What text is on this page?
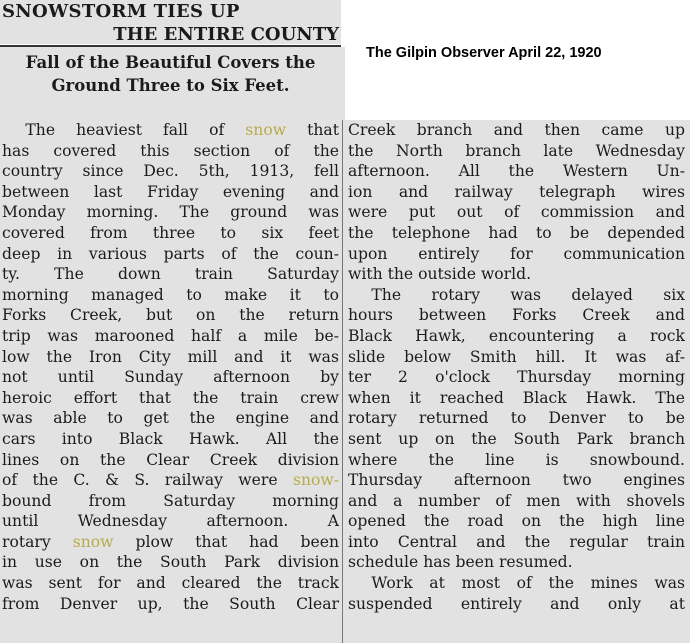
SNOWSTORM TIES UP
THE ENTIRE COUNTY
The Gilpin Observer April 22, 1920
Fall of the Beautiful Covers the
Ground Three to Six Feet.
  The heaviest fall of snow that
has covered this section of the
country since Dec. 5th, 1913, fell
between last Friday evening and
Monday morning. The ground was
covered from three to six feet
deep in various parts of the coun-
ty. The down train Saturday
morning managed to make it to
Forks Creek, but on the return
trip was marooned half a mile be-
low the Iron City mill and it was
not until Sunday afternoon by
heroic effort that the train crew
was able to get the engine and
cars into Black Hawk. All the
lines on the Clear Creek division
of the C. & S. railway were snow-
bound from Saturday morning
until Wednesday afternoon. A
rotary snow plow that had been
in use on the South Park division
was sent for and cleared the track
from Denver up, the South Clear
Creek branch and then came up
the North branch late Wednesday
afternoon. All the Western Un-
ion and railway telegraph wires
were put out of commission and
the telephone had to be depended
upon entirely for communication
with the outside world.
  The rotary was delayed six
hours between Forks Creek and
Black Hawk, encountering a rock
slide below Smith hill. It was af-
ter 2 o'clock Thursday morning
when it reached Black Hawk. The
rotary returned to Denver to be
sent up on the South Park branch
where the line is snowbound.
Thursday afternoon two engines
and a number of men with shovels
opened the road on the high line
into Central and the regular train
schedule has been resumed.
  Work at most of the mines was
suspended entirely and only at
